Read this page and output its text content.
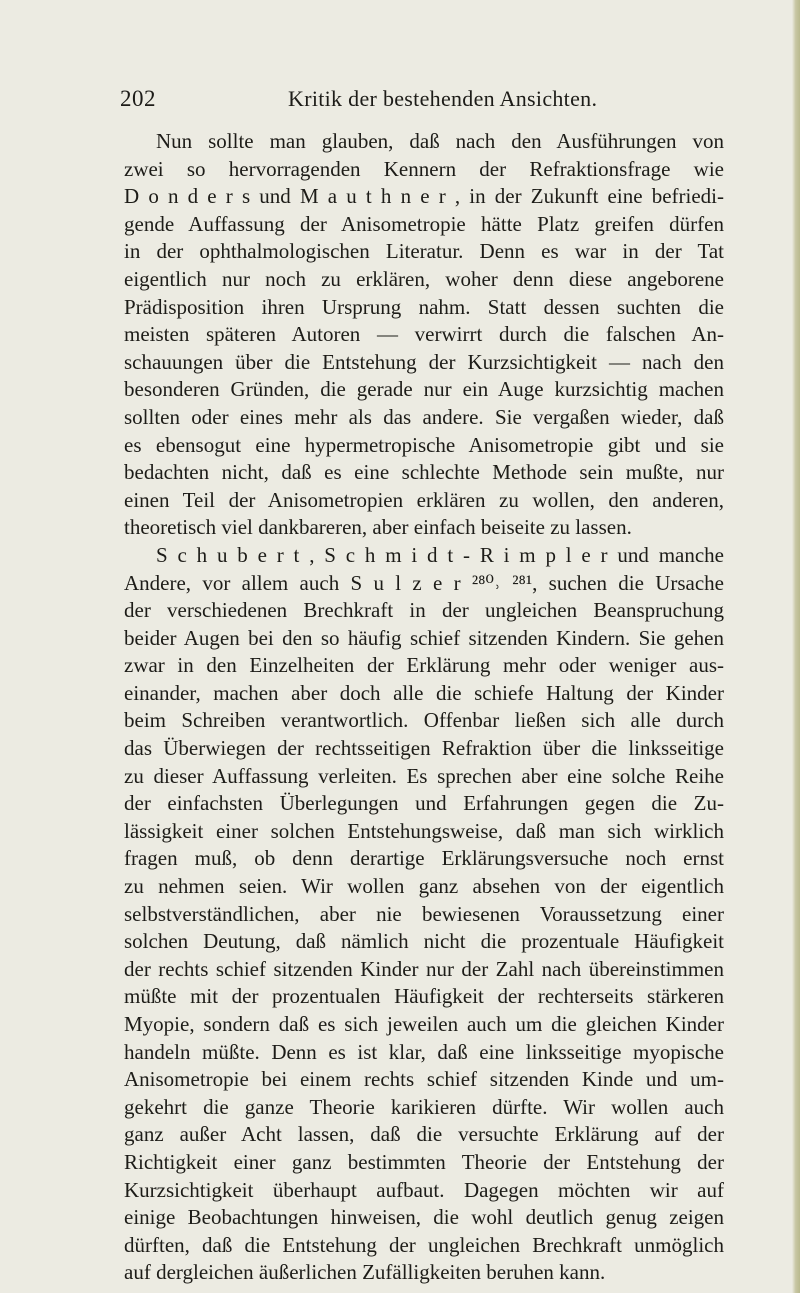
202	Kritik der bestehenden Ansichten.
Nun sollte man glauben, daß nach den Ausführungen von
zwei so hervorragenden Kennern der Refraktionsfrage wie
D o n d e r s und M a u t h n e r , in der Zukunft eine befriedi-
gende Auffassung der Anisometropie hätte Platz greifen dürfen
in der ophthalmologischen Literatur. Denn es war in der Tat
eigentlich nur noch zu erklären, woher denn diese angeborene
Prädisposition ihren Ursprung nahm. Statt dessen suchten die
meisten späteren Autoren — verwirrt durch die falschen An-
schauungen über die Entstehung der Kurzsichtigkeit — nach den
besonderen Gründen, die gerade nur ein Auge kurzsichtig machen
sollten oder eines mehr als das andere. Sie vergaßen wieder, daß
es ebensogut eine hypermetropische Anisometropie gibt und sie
bedachten nicht, daß es eine schlechte Methode sein mußte, nur
einen Teil der Anisometropien erklären zu wollen, den anderen,
theoretisch viel dankbareren, aber einfach beiseite zu lassen.
S c h u b e r t , S c h m i d t - R i m p l e r und manche
Andere, vor allem auch S u l z e r ²⁸⁰˒ ²⁸¹, suchen die Ursache
der verschiedenen Brechkraft in der ungleichen Beanspruchung
beider Augen bei den so häufig schief sitzenden Kindern. Sie gehen
zwar in den Einzelheiten der Erklärung mehr oder weniger aus-
einander, machen aber doch alle die schiefe Haltung der Kinder
beim Schreiben verantwortlich. Offenbar ließen sich alle durch
das Überwiegen der rechtsseitigen Refraktion über die linksseitige
zu dieser Auffassung verleiten. Es sprechen aber eine solche Reihe
der einfachsten Überlegungen und Erfahrungen gegen die Zu-
lässigkeit einer solchen Entstehungsweise, daß man sich wirklich
fragen muß, ob denn derartige Erklärungsversuche noch ernst
zu nehmen seien. Wir wollen ganz absehen von der eigentlich
selbstverständlichen, aber nie bewiesenen Voraussetzung einer
solchen Deutung, daß nämlich nicht die prozentuale Häufigkeit
der rechts schief sitzenden Kinder nur der Zahl nach übereinstimmen
müßte mit der prozentualen Häufigkeit der rechterseits stärkeren
Myopie, sondern daß es sich jeweilen auch um die gleichen Kinder
handeln müßte. Denn es ist klar, daß eine linksseitige myopische
Anisometropie bei einem rechts schief sitzenden Kinde und um-
gekehrt die ganze Theorie karikieren dürfte. Wir wollen auch
ganz außer Acht lassen, daß die versuchte Erklärung auf der
Richtigkeit einer ganz bestimmten Theorie der Entstehung der
Kurzsichtigkeit überhaupt aufbaut. Dagegen möchten wir auf
einige Beobachtungen hinweisen, die wohl deutlich genug zeigen
dürften, daß die Entstehung der ungleichen Brechkraft unmöglich
auf dergleichen äußerlichen Zufälligkeiten beruhen kann.
